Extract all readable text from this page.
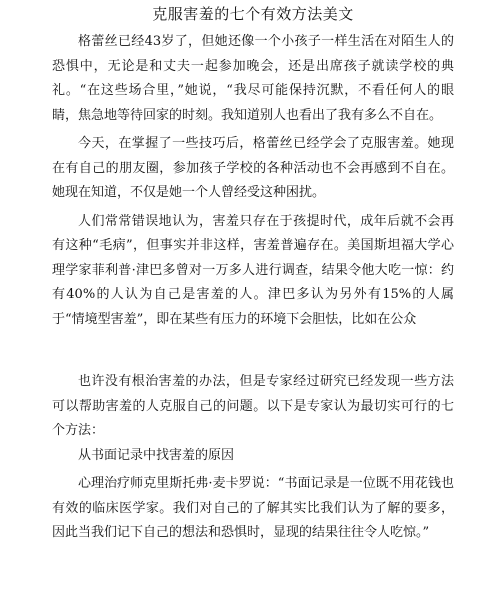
克服害羞的七个有效方法美文

格蕾丝已经43岁了，但她还像一个小孩子一样生活在对陌生人的恐惧中，无论是和丈夫一起参加晚会，还是出席孩子就读学校的典礼。“在这些场合里，”她说，“我尽可能保持沉默，不看任何人的眼睛，焦急地等待回家的时刻。我知道别人也看出了我有多么不自在。

今天，在掌握了一些技巧后，格蕾丝已经学会了克服害羞。她现在有自己的朋友圈，参加孩子学校的各种活动也不会再感到不自在。她现在知道，不仅是她一个人曾经受这种困扰。

人们常常错误地认为，害羞只存在于孩提时代，成年后就不会再有这种“毛病”，但事实并非这样，害羞普遍存在。美国斯坦福大学心理学家菲利普·津巴多曾对一万多人进行调查，结果令他大吃一惊：约有40%的人认为自己是害羞的人。津巴多认为另外有15%的人属于“情境型害羞”，即在某些有压力的环境下会胆怯，比如在公众

也许没有根治害羞的办法，但是专家经过研究已经发现一些方法可以帮助害羞的人克服自己的问题。以下是专家认为最切实可行的七个方法：

从书面记录中找害羞的原因

心理治疗师克里斯托弗·麦卡罗说：“书面记录是一位既不用花钱也有效的临床医学家。我们对自己的了解其实比我们认为了解的要多，因此当我们记下自己的想法和恐惧时，显现的结果往往令人吃惊。”
